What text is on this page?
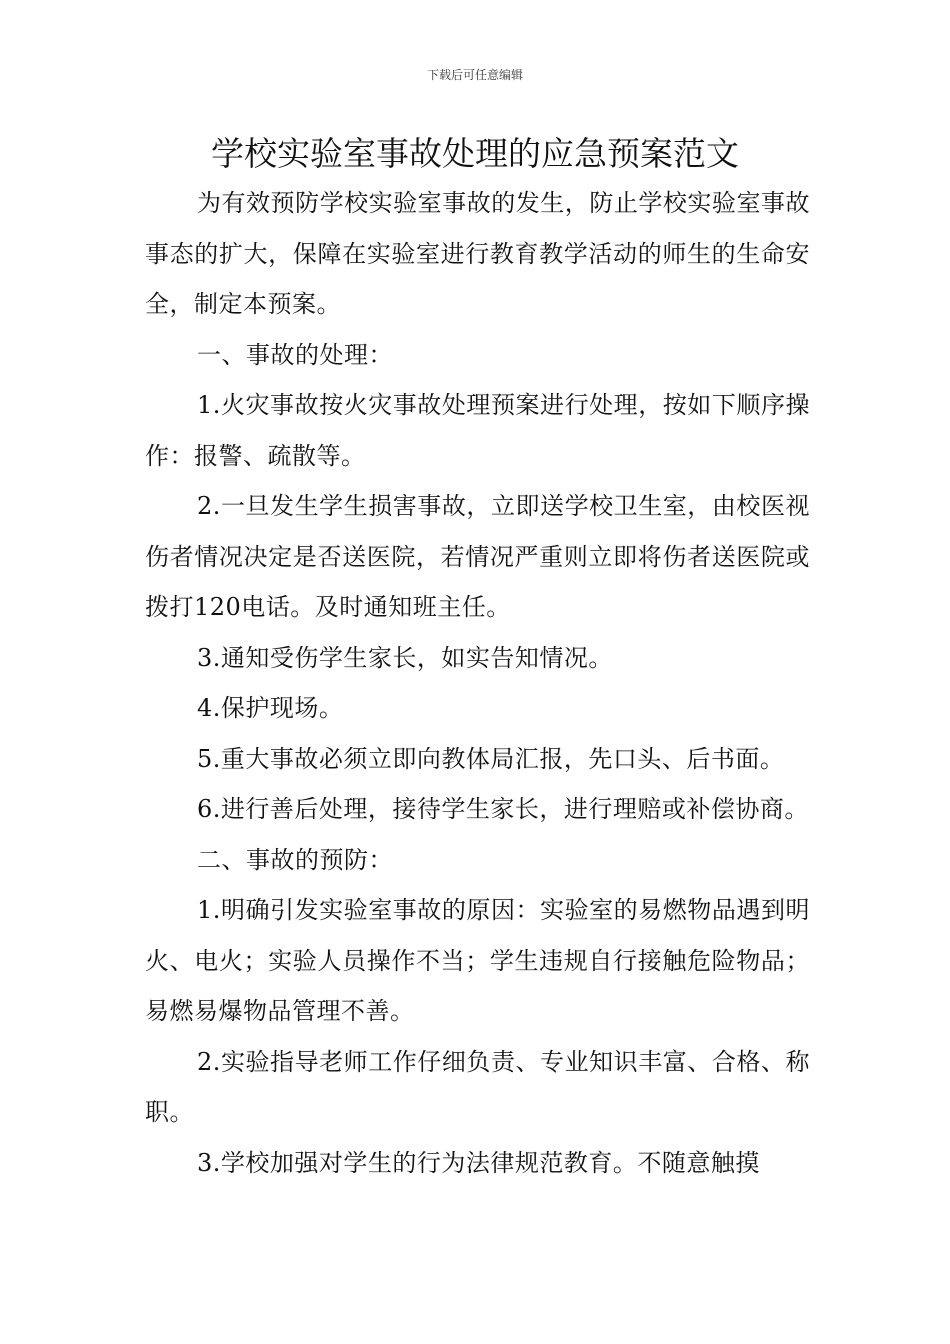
下载后可任意编辑
学校实验室事故处理的应急预案范文

为有效预防学校实验室事故的发生，防止学校实验室事故事态的扩大，保障在实验室进行教育教学活动的师生的生命安全，制定本预案。

一、事故的处理：

1.火灾事故按火灾事故处理预案进行处理，按如下顺序操作：报警、疏散等。

2.一旦发生学生损害事故，立即送学校卫生室，由校医视伤者情况决定是否送医院，若情况严重则立即将伤者送医院或拨打120电话。及时通知班主任。

3.通知受伤学生家长，如实告知情况。

4.保护现场。

5.重大事故必须立即向教体局汇报，先口头、后书面。

6.进行善后处理，接待学生家长，进行理赔或补偿协商。

二、事故的预防：

1.明确引发实验室事故的原因：实验室的易燃物品遇到明火、电火；实验人员操作不当；学生违规自行接触危险物品；易燃易爆物品管理不善。

2.实验指导老师工作仔细负责、专业知识丰富、合格、称职。

3.学校加强对学生的行为法律规范教育。不随意触摸
